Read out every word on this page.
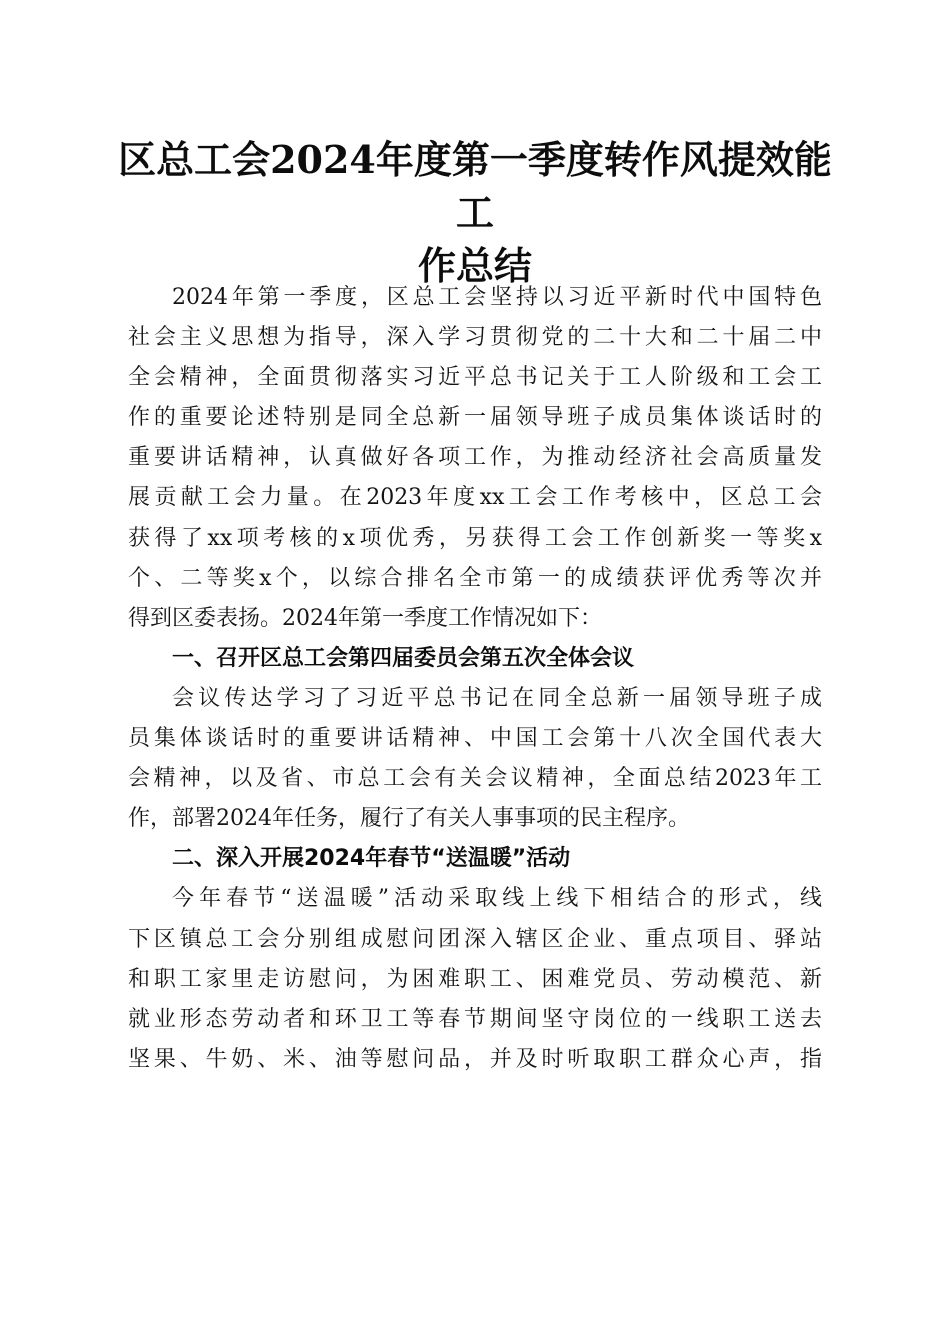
区总工会2024年度第一季度转作风提效能工
作总结
2024年第一季度，区总工会坚持以习近平新时代中国特色
社会主义思想为指导，深入学习贯彻党的二十大和二十届二中
全会精神，全面贯彻落实习近平总书记关于工人阶级和工会工
作的重要论述特别是同全总新一届领导班子成员集体谈话时的
重要讲话精神，认真做好各项工作，为推动经济社会高质量发
展贡献工会力量。在2023年度xx工会工作考核中，区总工会
获得了xx项考核的x项优秀，另获得工会工作创新奖一等奖x
个、二等奖x个，以综合排名全市第一的成绩获评优秀等次并
得到区委表扬。2024年第一季度工作情况如下：
一、召开区总工会第四届委员会第五次全体会议
会议传达学习了习近平总书记在同全总新一届领导班子成
员集体谈话时的重要讲话精神、中国工会第十八次全国代表大
会精神，以及省、市总工会有关会议精神，全面总结2023年工
作，部署2024年任务，履行了有关人事事项的民主程序。
二、深入开展2024年春节“送温暖”活动
今年春节“送温暖”活动采取线上线下相结合的形式，线
下区镇总工会分别组成慰问团深入辖区企业、重点项目、驿站
和职工家里走访慰问，为困难职工、困难党员、劳动模范、新
就业形态劳动者和环卫工等春节期间坚守岗位的一线职工送去
坚果、牛奶、米、油等慰问品，并及时听取职工群众心声，指
